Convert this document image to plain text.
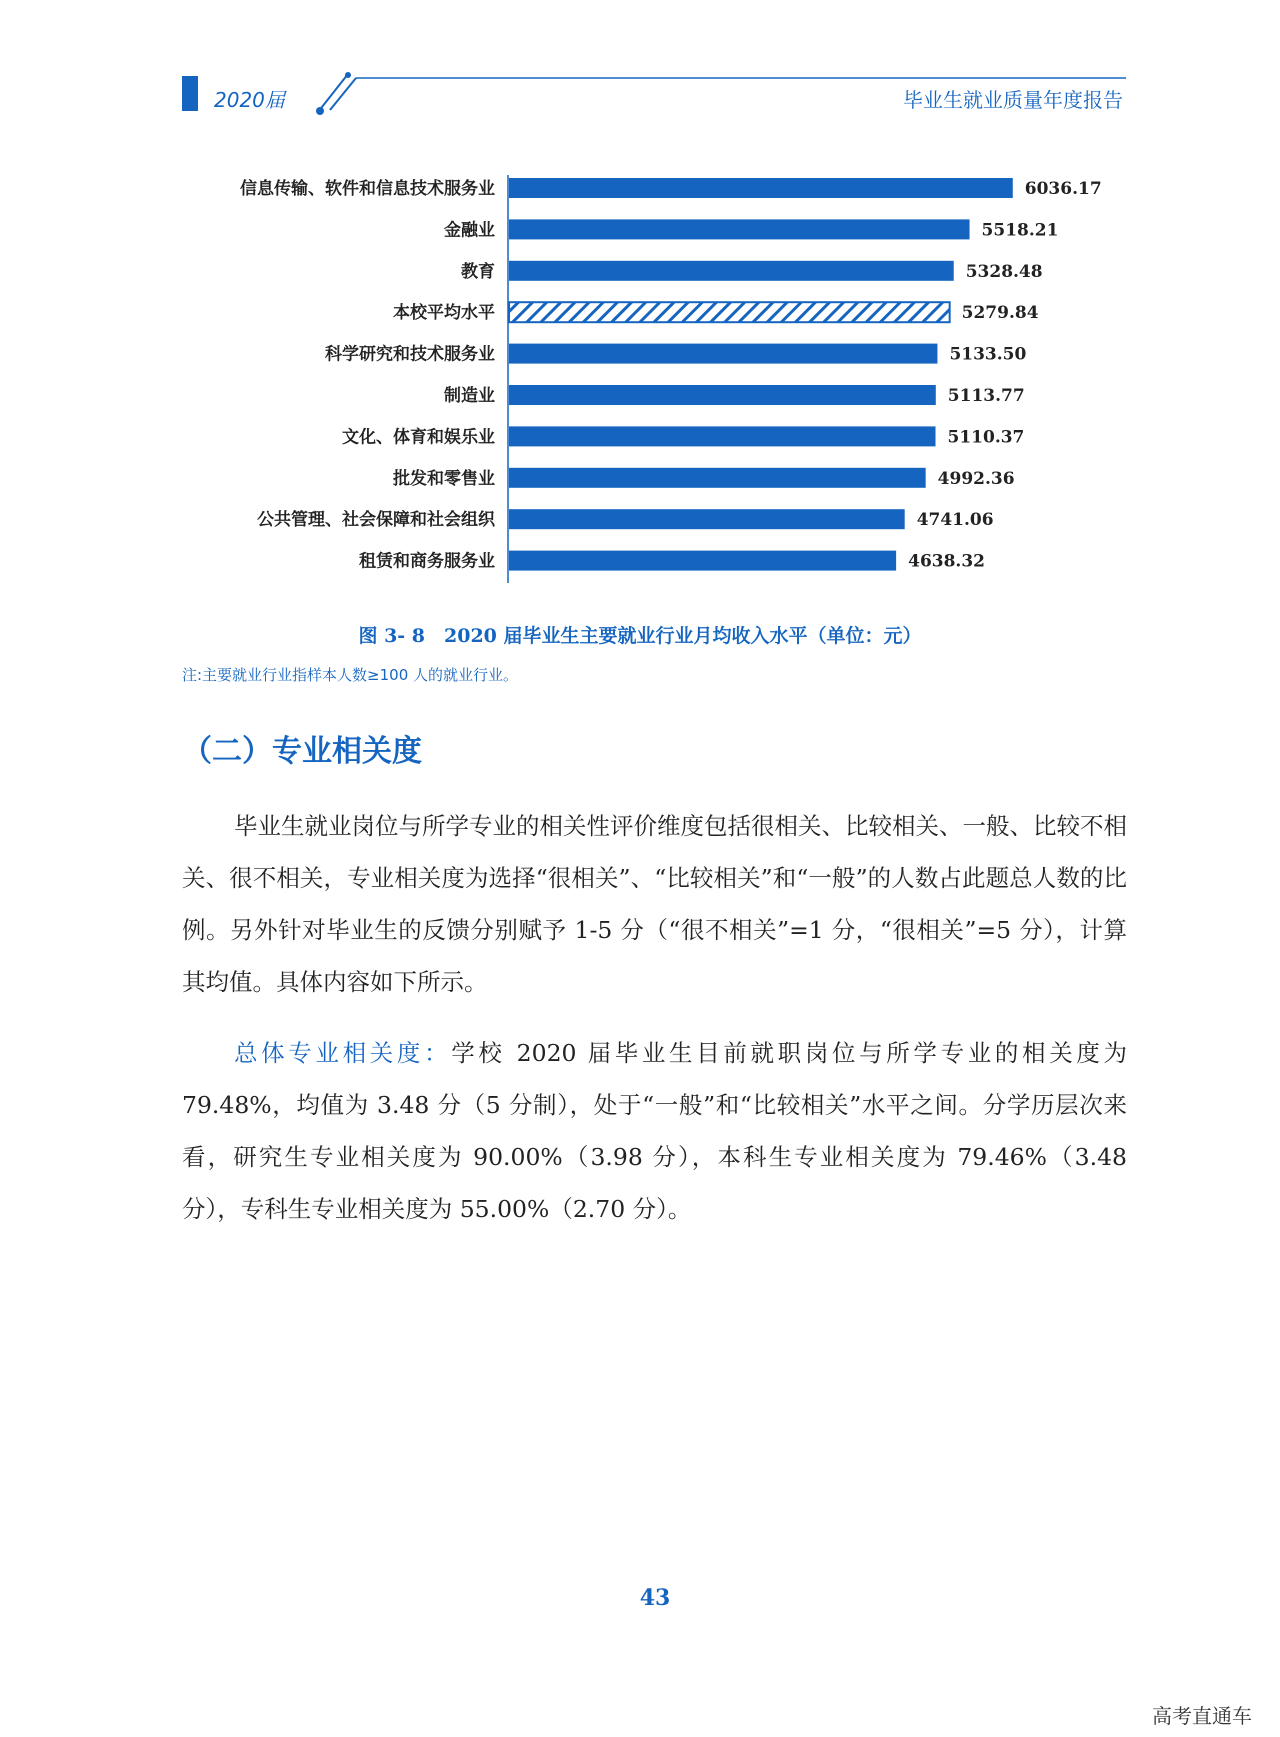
2020届	毕业生就业质量年度报告
信息传输、软件和信息技术服务业	6036.17
金融业	5518.21
教育	5328.48
本校平均水平	5279.84
科学研究和技术服务业	5133.50
制造业	5113.77
文化、体育和娱乐业	5110.37
批发和零售业	4992.36
公共管理、社会保障和社会组织	4741.06
租赁和商务服务业	4638.32
图 3- 8　2020 届毕业生主要就业行业月均收入水平（单位：元）
注:主要就业行业指样本人数≥100 人的就业行业。
（二）专业相关度
毕业生就业岗位与所学专业的相关性评价维度包括很相关、比较相关、一般、比较不相关、很不相关，专业相关度为选择“很相关”、“比较相关”和“一般”的人数占此题总人数的比例。另外针对毕业生的反馈分别赋予 1-5 分（“很不相关”=1 分，“很相关”=5 分），计算其均值。具体内容如下所示。
总体专业相关度：学校 2020 届毕业生目前就职岗位与所学专业的相关度为 79.48%，均值为 3.48 分（5 分制），处于“一般”和“比较相关”水平之间。分学历层次来看，研究生专业相关度为 90.00%（3.98 分），本科生专业相关度为 79.46%（3.48 分），专科生专业相关度为 55.00%（2.70 分）。
43
高考直通车
